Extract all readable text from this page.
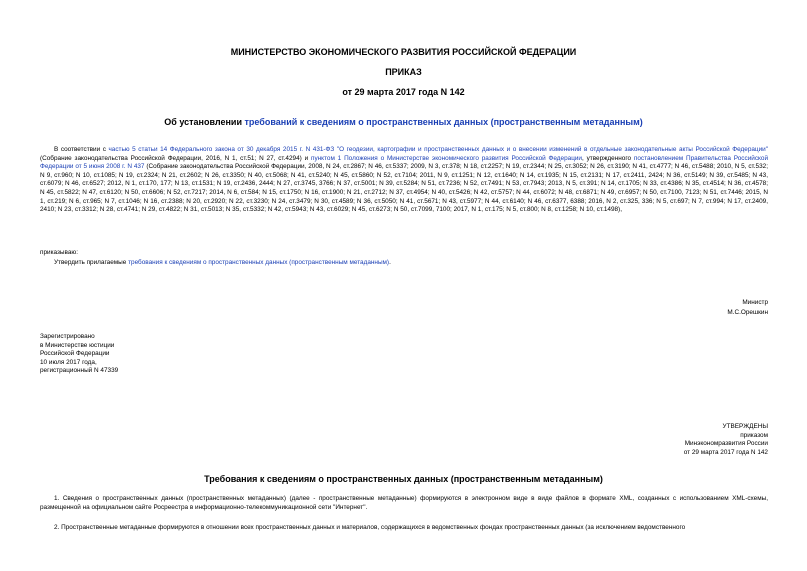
МИНИСТЕРСТВО ЭКОНОМИЧЕСКОГО РАЗВИТИЯ РОССИЙСКОЙ ФЕДЕРАЦИИ
ПРИКАЗ
от 29 марта 2017 года N 142
Об установлении требований к сведениям о пространственных данных (пространственным метаданным)
В соответствии с частью 5 статьи 14 Федерального закона от 30 декабря 2015 г. N 431-ФЗ "О геодезии, картографии и пространственных данных и о внесении изменений в отдельные законодательные акты Российской Федерации" (Собрание законодательства Российской Федерации, 2016, N 1, ст.51; N 27, ст.4294) и пунктом 1 Положения о Министерстве экономического развития Российской Федерации, утвержденного постановлением Правительства Российской Федерации от 5 июня 2008 г. N 437 (Собрание законодательства Российской Федерации, 2008, N 24, ст.2867; N 46, ст.5337; 2009, N 3, ст.378; N 18, ст.2257; N 19, ст.2344; N 25, ст.3052; N 26, ст.3190; N 41, ст.4777; N 46, ст.5488; 2010, N 5, ст.532; N 9, ст.960; N 10, ст.1085; N 19, ст.2324; N 21, ст.2602; N 26, ст.3350; N 40, ст.5068; N 41, ст.5240; N 45, ст.5860; N 52, ст.7104; 2011, N 9, ст.1251; N 12, ст.1640; N 14, ст.1935; N 15, ст.2131; N 17, ст.2411, 2424; N 36, ст.5149; N 39, ст.5485; N 43, ст.6079; N 46, ст.6527; 2012, N 1, ст.170, 177; N 13, ст.1531; N 19, ст.2436, 2444; N 27, ст.3745, 3766; N 37, ст.5001; N 39, ст.5284; N 51, ст.7236; N 52, ст.7491; N 53, ст.7943; 2013, N 5, ст.391; N 14, ст.1705; N 33, ст.4386; N 35, ст.4514; N 36, ст.4578; N 45, ст.5822; N 47, ст.6120; N 50, ст.6606; N 52, ст.7217; 2014, N 6, ст.584; N 15, ст.1750; N 16, ст.1900; N 21, ст.2712; N 37, ст.4954; N 40, ст.5426; N 42, ст.5757; N 44, ст.6072; N 48, ст.6871; N 49, ст.6957; N 50, ст.7100, 7123; N 51, ст.7446; 2015, N 1, ст.219; N 6, ст.965; N 7, ст.1046; N 16, ст.2388; N 20, ст.2920; N 22, ст.3230; N 24, ст.3479; N 30, ст.4589; N 36, ст.5050; N 41, ст.5671; N 43, ст.5977; N 44, ст.6140; N 46, ст.6377, 6388; 2016, N 2, ст.325, 336; N 5, ст.697; N 7, ст.994; N 17, ст.2409, 2410; N 23, ст.3312; N 28, ст.4741; N 29, ст.4822; N 31, ст.5013; N 35, ст.5332; N 42, ст.5943; N 43, ст.6029; N 45, ст.6273; N 50, ст.7099, 7100; 2017, N 1, ст.175; N 5, ст.800; N 8, ст.1258; N 10, ст.1498),
приказываю:
Утвердить прилагаемые требования к сведениям о пространственных данных (пространственным метаданным).
Министр
М.С.Орешкин
Зарегистрировано
в Министерстве юстиции
Российской Федерации
10 июля 2017 года,
регистрационный N 47339
УТВЕРЖДЕНЫ
приказом
Минэкономразвития России
от 29 марта 2017 года N 142
Требования к сведениям о пространственных данных (пространственным метаданным)
1. Сведения о пространственных данных (пространственных метаданных) (далее - пространственные метаданные) формируются в электронном виде в виде файлов в формате XML, созданных с использованием XML-схемы, размещенной на официальном сайте Росреестра в информационно-телекоммуникационной сети "Интернет".
2. Пространственные метаданные формируются в отношении всех пространственных данных и материалов, содержащихся в ведомственных фондах пространственных данных (за исключением ведомственного
